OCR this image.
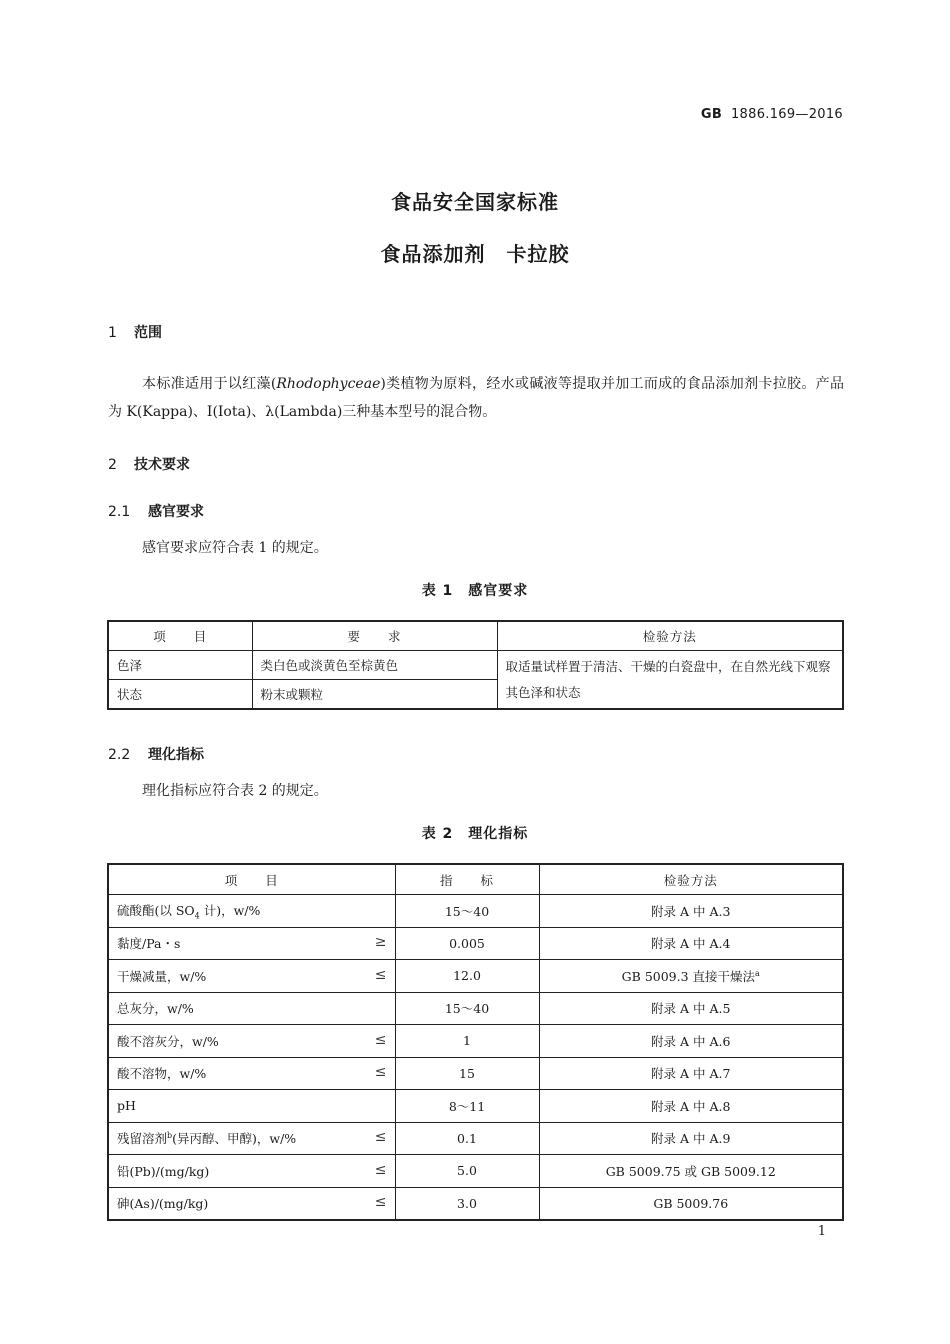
GB 1886.169—2016
食品安全国家标准
食品添加剂　卡拉胶
1 范围
本标准适用于以红藻(Rhodophyceae)类植物为原料，经水或碱液等提取并加工而成的食品添加剂卡拉胶。产品为 K(Kappa)、I(Iota)、λ(Lambda)三种基本型号的混合物。
2 技术要求
2.1 感官要求
感官要求应符合表 1 的规定。
表 1　感官要求
项　　目	要　　求	检验方法
色泽	类白色或淡黄色至棕黄色	取适量试样置于清洁、干燥的白瓷盘中，在自然光线下观察其色泽和状态
状态	粉末或颗粒	
2.2 理化指标
理化指标应符合表 2 的规定。
表 2　理化指标
项　　目	指　　标	检验方法
硫酸酯(以 $SO_4$ 计)，w/%	15～40	附录 A 中 A.3
黏度/Pa・s ≥	0.005	附录 A 中 A.4
干燥减量，w/% ≤	12.0	GB 5009.3 直接干燥法$^a$
总灰分，w/%	15～40	附录 A 中 A.5
酸不溶灰分，w/% ≤	1	附录 A 中 A.6
酸不溶物，w/% ≤	15	附录 A 中 A.7
pH	8～11	附录 A 中 A.8
残留溶剂$^b$(异丙醇、甲醇)，w/% ≤	0.1	附录 A 中 A.9
铅(Pb)/(mg/kg) ≤	5.0	GB 5009.75 或 GB 5009.12
砷(As)/(mg/kg) ≤	3.0	GB 5009.76
1
